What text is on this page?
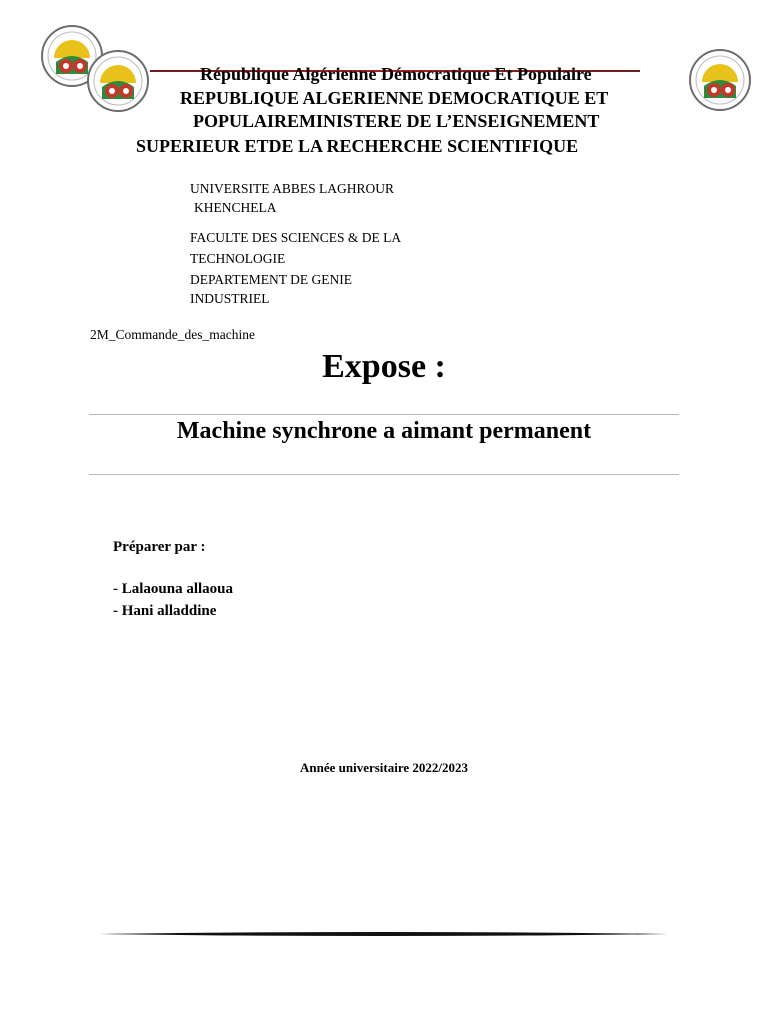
République Algérienne Démocratique Et Populaire
REPUBLIQUE ALGERIENNE DEMOCRATIQUE ET
POPULAIREMINISTERE DE L’ENSEIGNEMENT
SUPERIEUR ETDE LA RECHERCHE SCIENTIFIQUE
UNIVERSITE ABBES LAGHROUR
KHENCHELA
FACULTE DES SCIENCES & DE LA
TECHNOLOGIE
DEPARTEMENT DE GENIE
INDUSTRIEL
2M_Commande_des_machine
Expose :
Machine synchrone a aimant permanent
Préparer par :
- Lalaouna allaoua
- Hani alladdine
Année universitaire 2022/2023
